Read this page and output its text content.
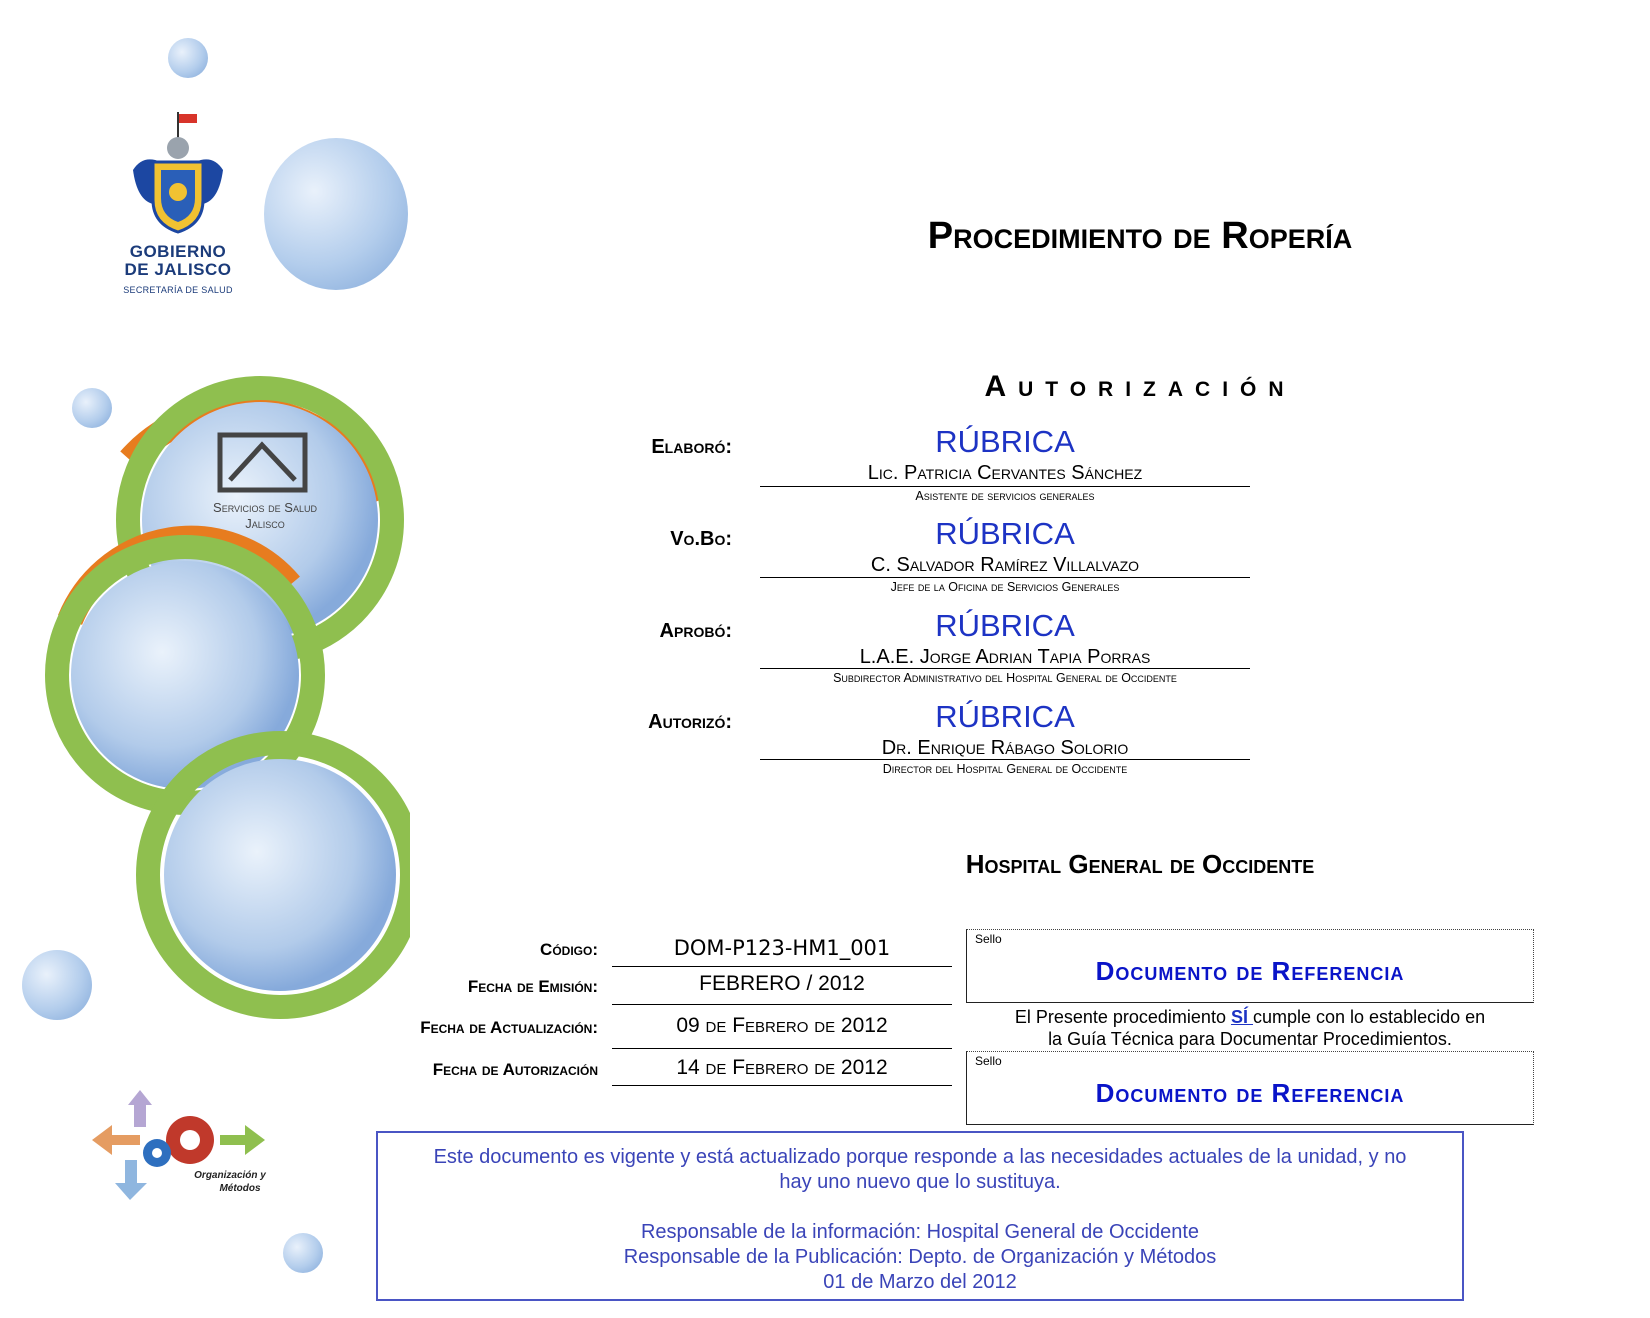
GOBIERNO
DE JALISCO
SECRETARÍA DE SALUD
Servicios de Salud
Jalisco
Organización y
Métodos
Procedimiento de Ropería
Autorización
Elaboró:	RÚBRICA
Lic. Patricia Cervantes Sánchez
Asistente de servicios generales
Vo.Bo:	RÚBRICA
C. Salvador Ramírez Villalvazo
Jefe de la Oficina de Servicios Generales
Aprobó:	RÚBRICA
L.A.E. Jorge Adrian Tapia Porras
Subdirector Administrativo del Hospital General de Occidente
Autorizó:	RÚBRICA
Dr. Enrique Rábago Solorio
Director del Hospital General de Occidente
Hospital General de Occidente
Código:	DOM-P123-HM1_001
Fecha de Emisión:	FEBRERO / 2012
Fecha de Actualización:	09 de Febrero de 2012
Fecha de Autorización	14 de Febrero de 2012
Sello
Documento de Referencia
El Presente procedimiento SÍ cumple con lo establecido en
la Guía Técnica para Documentar Procedimientos.
Sello
Documento de Referencia

Este documento es vigente y está actualizado porque responde a las necesidades actuales de la unidad, y no

hay uno nuevo que lo sustituya.

Responsable de la información: Hospital General de Occidente

Responsable de la Publicación: Depto. de Organización y Métodos

01 de Marzo del 2012
